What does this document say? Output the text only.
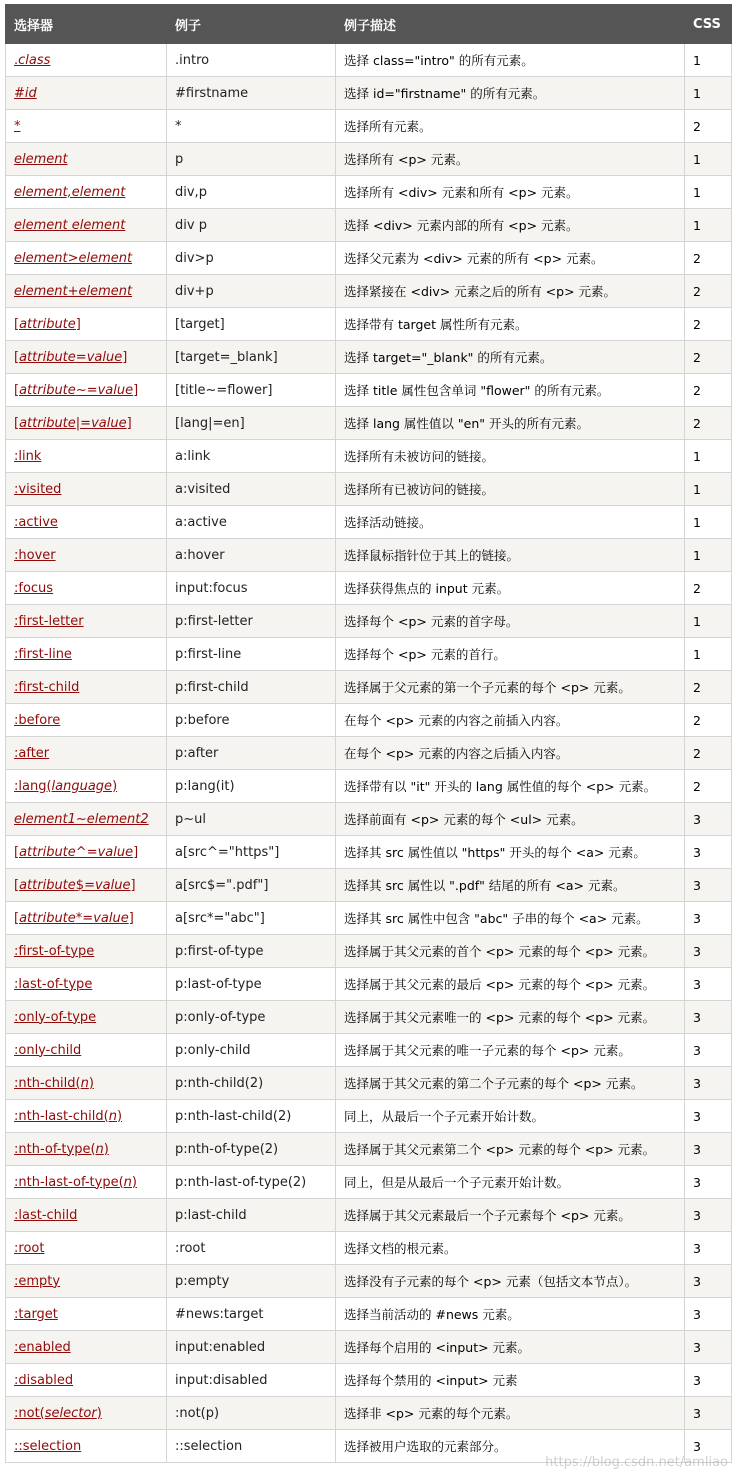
选择器	例子	例子描述	CSS
.class	.intro	选择 class="intro" 的所有元素。	1
#id	#firstname	选择 id="firstname" 的所有元素。	1
*	*	选择所有元素。	2
element	p	选择所有 <p> 元素。	1
element,element	div,p	选择所有 <div> 元素和所有 <p> 元素。	1
element element	div p	选择 <div> 元素内部的所有 <p> 元素。	1
element>element	div>p	选择父元素为 <div> 元素的所有 <p> 元素。	2
element+element	div+p	选择紧接在 <div> 元素之后的所有 <p> 元素。	2
[attribute]	[target]	选择带有 target 属性所有元素。	2
[attribute=value]	[target=_blank]	选择 target="_blank" 的所有元素。	2
[attribute~=value]	[title~=flower]	选择 title 属性包含单词 "flower" 的所有元素。	2
[attribute|=value]	[lang|=en]	选择 lang 属性值以 "en" 开头的所有元素。	2
:link	a:link	选择所有未被访问的链接。	1
:visited	a:visited	选择所有已被访问的链接。	1
:active	a:active	选择活动链接。	1
:hover	a:hover	选择鼠标指针位于其上的链接。	1
:focus	input:focus	选择获得焦点的 input 元素。	2
:first-letter	p:first-letter	选择每个 <p> 元素的首字母。	1
:first-line	p:first-line	选择每个 <p> 元素的首行。	1
:first-child	p:first-child	选择属于父元素的第一个子元素的每个 <p> 元素。	2
:before	p:before	在每个 <p> 元素的内容之前插入内容。	2
:after	p:after	在每个 <p> 元素的内容之后插入内容。	2
:lang(language)	p:lang(it)	选择带有以 "it" 开头的 lang 属性值的每个 <p> 元素。	2
element1~element2	p~ul	选择前面有 <p> 元素的每个 <ul> 元素。	3
[attribute^=value]	a[src^="https"]	选择其 src 属性值以 "https" 开头的每个 <a> 元素。	3
[attribute$=value]	a[src$=".pdf"]	选择其 src 属性以 ".pdf" 结尾的所有 <a> 元素。	3
[attribute*=value]	a[src*="abc"]	选择其 src 属性中包含 "abc" 子串的每个 <a> 元素。	3
:first-of-type	p:first-of-type	选择属于其父元素的首个 <p> 元素的每个 <p> 元素。	3
:last-of-type	p:last-of-type	选择属于其父元素的最后 <p> 元素的每个 <p> 元素。	3
:only-of-type	p:only-of-type	选择属于其父元素唯一的 <p> 元素的每个 <p> 元素。	3
:only-child	p:only-child	选择属于其父元素的唯一子元素的每个 <p> 元素。	3
:nth-child(n)	p:nth-child(2)	选择属于其父元素的第二个子元素的每个 <p> 元素。	3
:nth-last-child(n)	p:nth-last-child(2)	同上，从最后一个子元素开始计数。	3
:nth-of-type(n)	p:nth-of-type(2)	选择属于其父元素第二个 <p> 元素的每个 <p> 元素。	3
:nth-last-of-type(n)	p:nth-last-of-type(2)	同上，但是从最后一个子元素开始计数。	3
:last-child	p:last-child	选择属于其父元素最后一个子元素每个 <p> 元素。	3
:root	:root	选择文档的根元素。	3
:empty	p:empty	选择没有子元素的每个 <p> 元素（包括文本节点）。	3
:target	#news:target	选择当前活动的 #news 元素。	3
:enabled	input:enabled	选择每个启用的 <input> 元素。	3
:disabled	input:disabled	选择每个禁用的 <input> 元素	3
:not(selector)	:not(p)	选择非 <p> 元素的每个元素。	3
::selection	::selection	选择被用户选取的元素部分。	3
https://blog.csdn.net/amliao
